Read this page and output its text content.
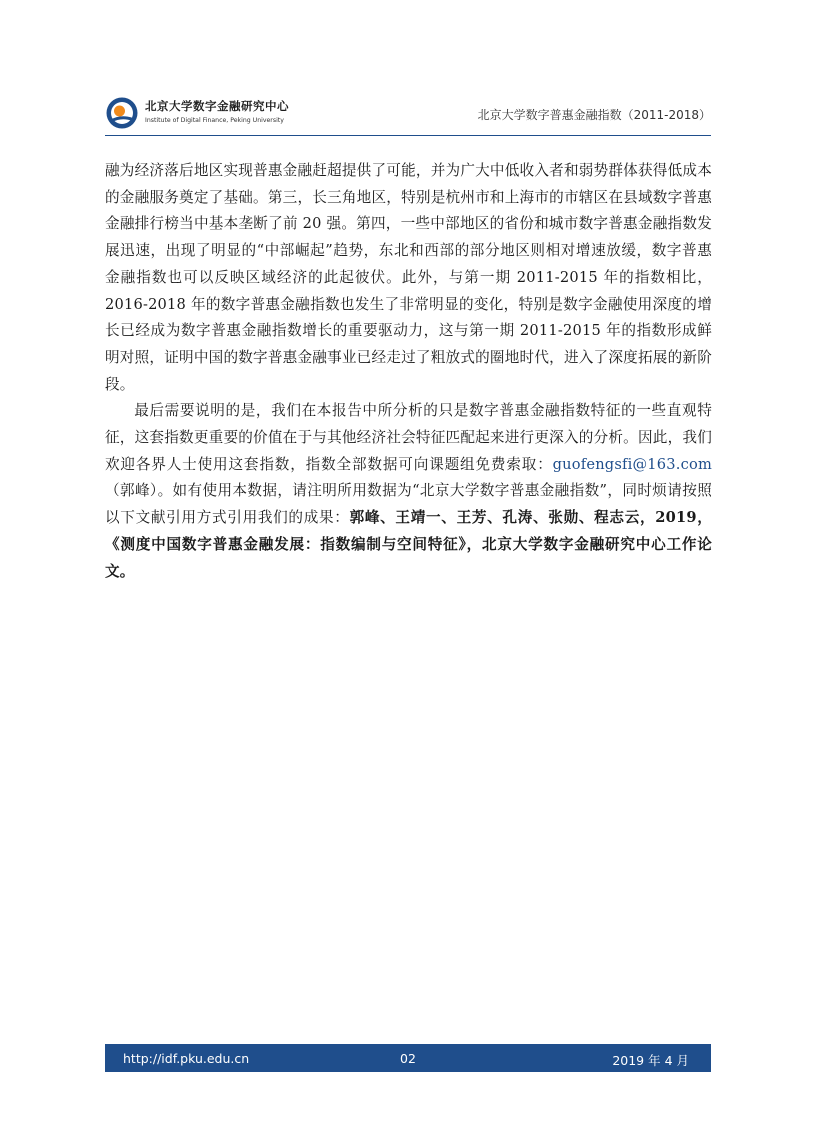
北京大学数字金融研究中心
Institute of Digital Finance, Peking University	北京大学数字普惠金融指数（2011-2018）

融为经济落后地区实现普惠金融赶超提供了可能，并为广大中低收入者和弱势群体获得低成本的金融服务奠定了基础。第三，长三角地区，特别是杭州市和上海市的市辖区在县域数字普惠金融排行榜当中基本垄断了前 20 强。第四，一些中部地区的省份和城市数字普惠金融指数发展迅速，出现了明显的“中部崛起”趋势，东北和西部的部分地区则相对增速放缓，数字普惠金融指数也可以反映区域经济的此起彼伏。此外，与第一期 2011-2015 年的指数相比，2016-2018 年的数字普惠金融指数也发生了非常明显的变化，特别是数字金融使用深度的增长已经成为数字普惠金融指数增长的重要驱动力，这与第一期 2011-2015 年的指数形成鲜明对照，证明中国的数字普惠金融事业已经走过了粗放式的圈地时代，进入了深度拓展的新阶段。

最后需要说明的是，我们在本报告中所分析的只是数字普惠金融指数特征的一些直观特征，这套指数更重要的价值在于与其他经济社会特征匹配起来进行更深入的分析。因此，我们欢迎各界人士使用这套指数，指数全部数据可向课题组免费索取：guofengsfi@163.com（郭峰）。如有使用本数据，请注明所用数据为“北京大学数字普惠金融指数”，同时烦请按照以下文献引用方式引用我们的成果：郭峰、王靖一、王芳、孔涛、张勋、程志云，2019，《测度中国数字普惠金融发展：指数编制与空间特征》，北京大学数字金融研究中心工作论文。

http://idf.pku.edu.cn	02	2019 年 4 月
